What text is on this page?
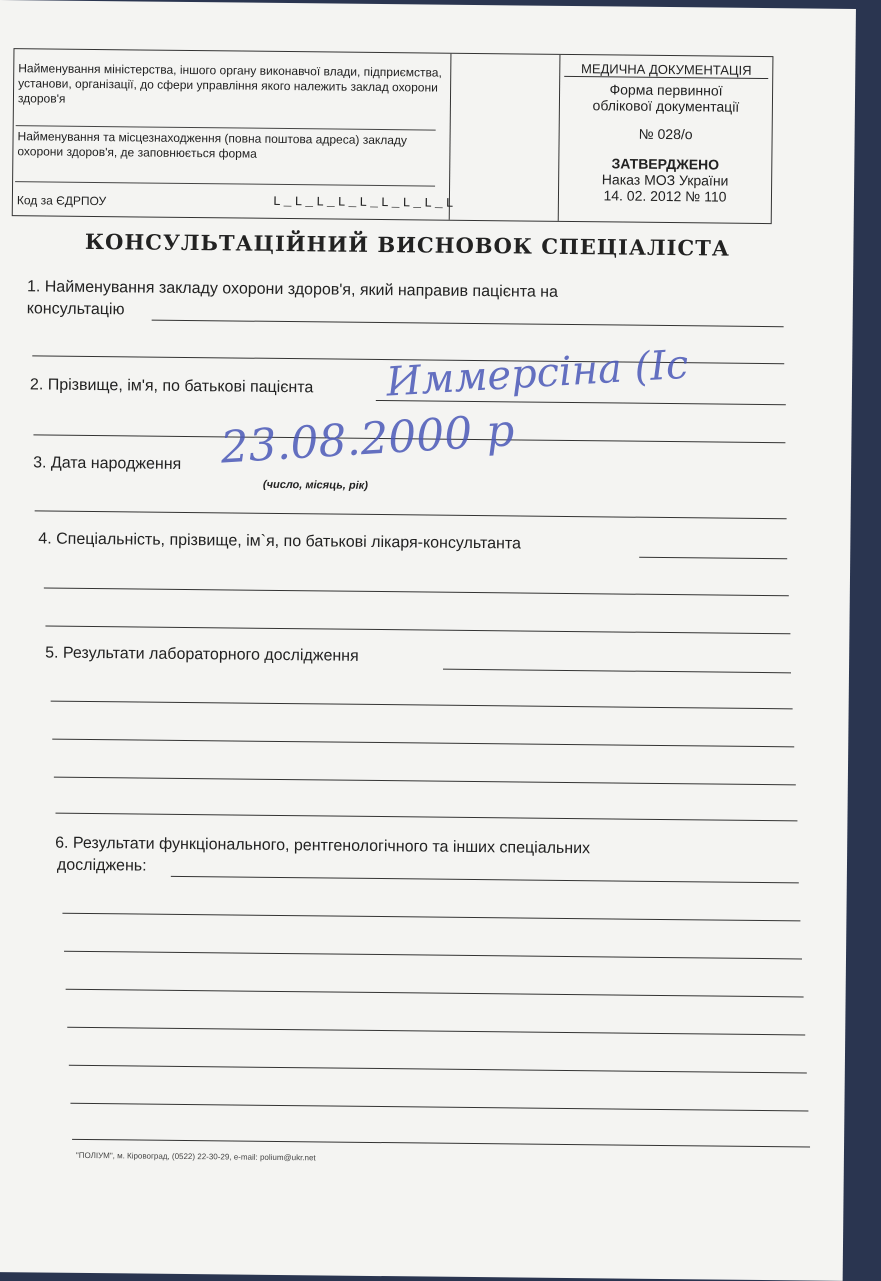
Найменування міністерства, іншого органу виконавчої влади, підприємства, установи, організації, до сфери управління якого належить заклад охорони здоров'я
Найменування та місцезнаходження (повна поштова адреса) закладу охорони здоров'я, де заповнюється форма
Код за ЄДРПОУ	L_L_L_L_L_L_L_L_L
МЕДИЧНА ДОКУМЕНТАЦІЯ
Форма первинної
облікової документації
№ 028/о
ЗАТВЕРДЖЕНО
Наказ МОЗ України
14. 02. 2012 № 110
КОНСУЛЬТАЦІЙНИЙ ВИСНОВОК СПЕЦІАЛІСТА
1. Найменування закладу охорони здоров'я, який направив пацієнта на
консультацію
2. Прізвище, ім'я, по батькові пацієнта Иммерсіна (Іс
3. Дата народження
(число, місяць, рік)
23.08.2000 р
4. Спеціальність, прізвище, ім`я, по батькові лікаря-консультанта
5. Результати лабораторного дослідження
6. Результати функціонального, рентгенологічного та інших спеціальних
досліджень:
"ПОЛІУМ", м. Кіровоград, (0522) 22-30-29, e-mail: polium@ukr.net
